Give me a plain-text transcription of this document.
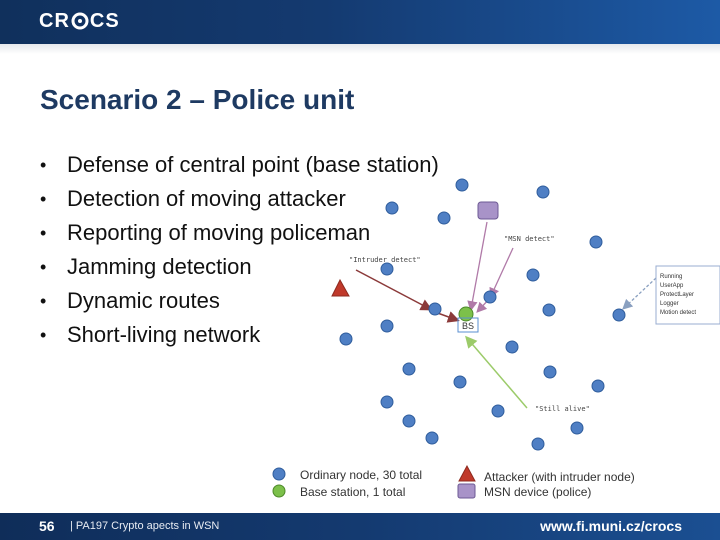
CR CS
Scenario 2 – Police unit
• Defense of central point (base station)
• Detection of moving attacker
• Reporting of moving policeman
• Jamming detection
• Dynamic routes
• Short-living network	BS
"MSN detect"
"Intruder detect"
"Still alive"
Running
UserApp
ProtectLayer
Logger
Motion detect
Ordinary node, 30 total
Base station, 1 total
Attacker (with intruder node)
MSN device (police)
56 | PA197 Crypto apects in WSN	www.fi.muni.cz/crocs
